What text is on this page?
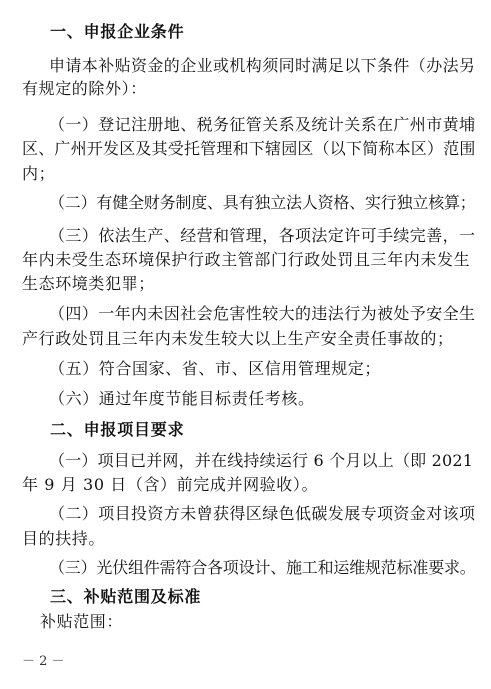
一、申报企业条件
申请本补贴资金的企业或机构须同时满足以下条件（办法另
有规定的除外）：
（一）登记注册地、税务征管关系及统计关系在广州市黄埔
区、广州开发区及其受托管理和下辖园区（以下简称本区）范围
内；
（二）有健全财务制度、具有独立法人资格、实行独立核算；
（三）依法生产、经营和管理，各项法定许可手续完善，一
年内未受生态环境保护行政主管部门行政处罚且三年内未发生
生态环境类犯罪；
（四）一年内未因社会危害性较大的违法行为被处予安全生
产行政处罚且三年内未发生较大以上生产安全责任事故的；
（五）符合国家、省、市、区信用管理规定；
（六）通过年度节能目标责任考核。
二、申报项目要求
（一）项目已并网，并在线持续运行 6 个月以上（即 2021
年 9 月 30 日（含）前完成并网验收）。
（二）项目投资方未曾获得区绿色低碳发展专项资金对该项
目的扶持。
（三）光伏组件需符合各项设计、施工和运维规范标准要求。
三、补贴范围及标准
补贴范围：
－ 2 －
